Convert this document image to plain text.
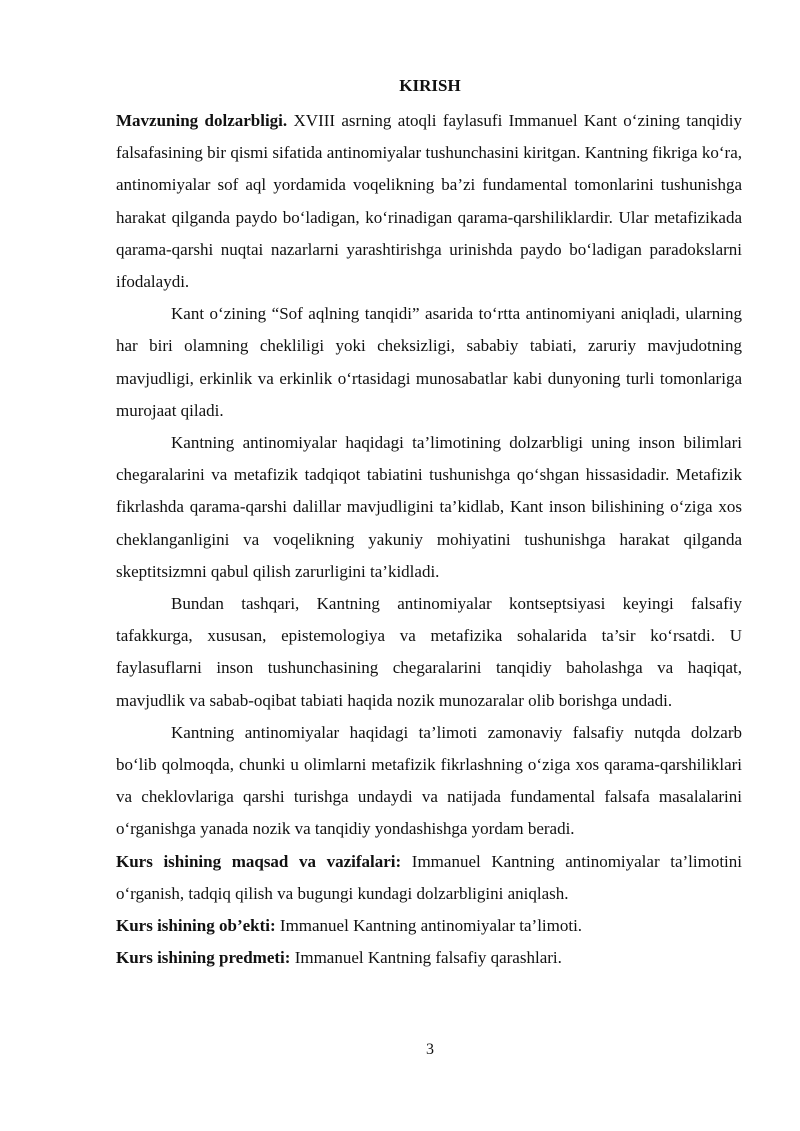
KIRISH

Mavzuning dolzarbligi. XVIII asrning atoqli faylasufi Immanuel Kant o‘zining tanqidiy falsafasining bir qismi sifatida antinomiyalar tushunchasini kiritgan. Kantning fikriga ko‘ra, antinomiyalar sof aql yordamida voqelikning ba’zi fundamental tomonlarini tushunishga harakat qilganda paydo bo‘ladigan, ko‘rinadigan qarama-qarshiliklardir. Ular metafizikada qarama-qarshi nuqtai nazarlarni yarashtirishga urinishda paydo bo‘ladigan paradokslarni ifodalaydi.

Kant o‘zining “Sof aqlning tanqidi” asarida to‘rtta antinomiyani aniqladi, ularning har biri olamning chekliligi yoki cheksizligi, sababiy tabiati, zaruriy mavjudotning mavjudligi, erkinlik va erkinlik o‘rtasidagi munosabatlar kabi dunyoning turli tomonlariga murojaat qiladi.

Kantning antinomiyalar haqidagi ta’limotining dolzarbligi uning inson bilimlari chegaralarini va metafizik tadqiqot tabiatini tushunishga qo‘shgan hissasidadir. Metafizik fikrlashda qarama-qarshi dalillar mavjudligini ta’kidlab, Kant inson bilishining o‘ziga xos cheklanganligini va voqelikning yakuniy mohiyatini tushunishga harakat qilganda skeptitsizmni qabul qilish zarurligini ta’kidladi.

Bundan tashqari, Kantning antinomiyalar kontseptsiyasi keyingi falsafiy tafakkurga, xususan, epistemologiya va metafizika sohalarida ta’sir ko‘rsatdi. U faylasuflarni inson tushunchasining chegaralarini tanqidiy baholashga va haqiqat, mavjudlik va sabab-oqibat tabiati haqida nozik munozaralar olib borishga undadi.

Kantning antinomiyalar haqidagi ta’limoti zamonaviy falsafiy nutqda dolzarb bo‘lib qolmoqda, chunki u olimlarni metafizik fikrlashning o‘ziga xos qarama-qarshiliklari va cheklovlariga qarshi turishga undaydi va natijada fundamental falsafa masalalarini o‘rganishga yanada nozik va tanqidiy yondashishga yordam beradi.

Kurs ishining maqsad va vazifalari: Immanuel Kantning antinomiyalar ta’limotini o‘rganish, tadqiq qilish va bugungi kundagi dolzarbligini aniqlash.

Kurs ishining ob’ekti: Immanuel Kantning antinomiyalar ta’limoti.

Kurs ishining predmeti: Immanuel Kantning falsafiy qarashlari.

3
